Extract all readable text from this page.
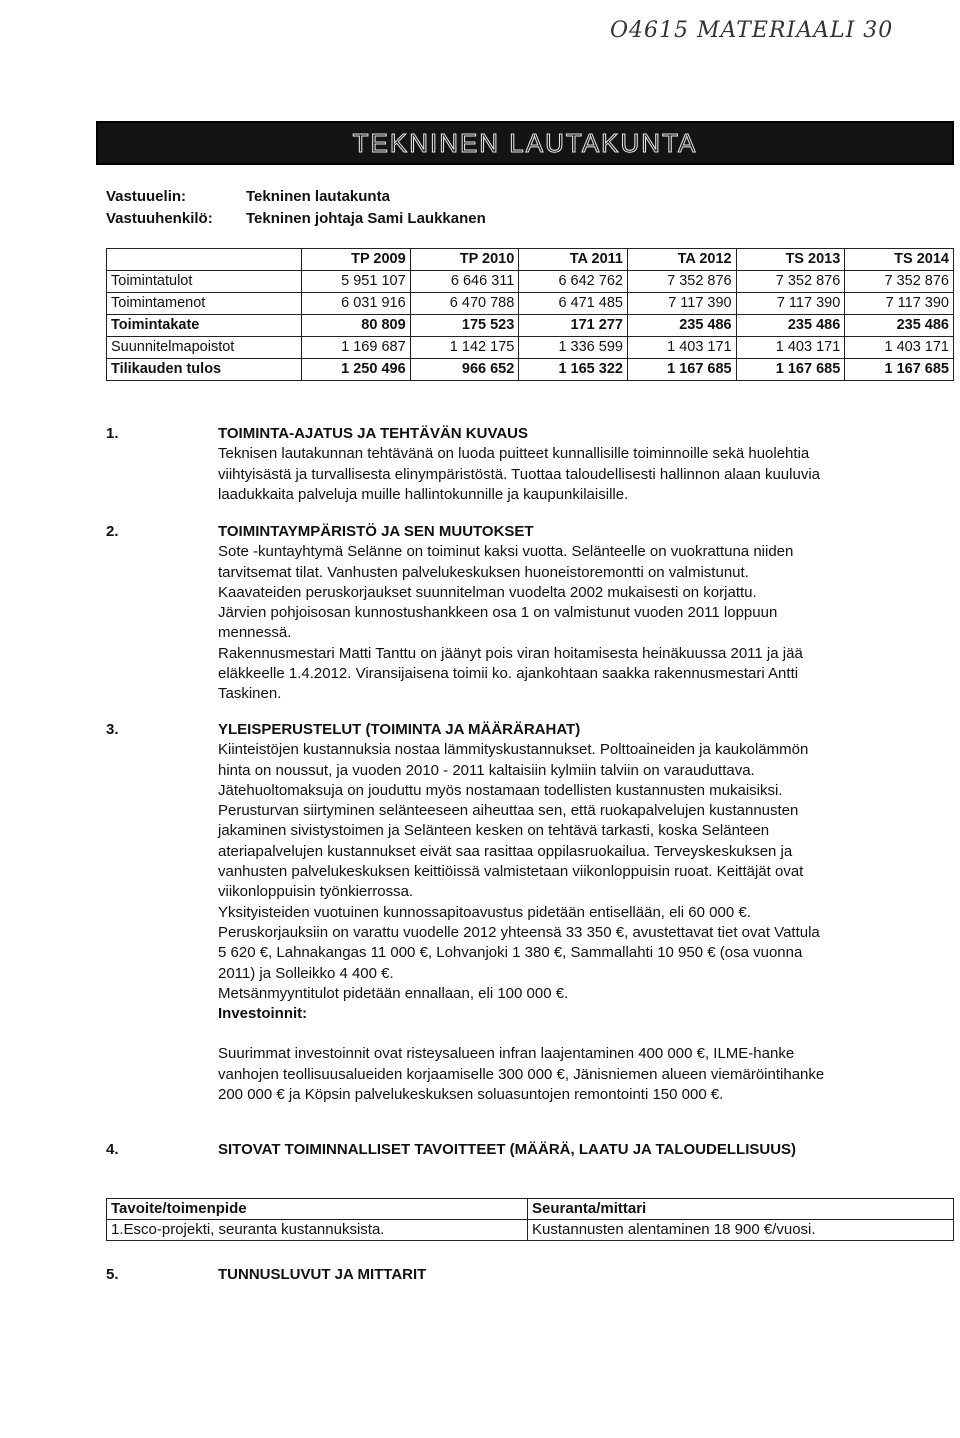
O4615 MATERIAALI 30
TEKNINEN LAUTAKUNTA
Vastuuelin:	Tekninen lautakunta
Vastuuhenkilö:	Tekninen johtaja Sami Laukkanen
	TP 2009	TP 2010	TA 2011	TA 2012	TS 2013	TS 2014
Toimintatulot	5 951 107	6 646 311	6 642 762	7 352 876	7 352 876	7 352 876
Toimintamenot	6 031 916	6 470 788	6 471 485	7 117 390	7 117 390	7 117 390
Toimintakate	80 809	175 523	171 277	235 486	235 486	235 486
Suunnitelmapoistot	1 169 687	1 142 175	1 336 599	1 403 171	1 403 171	1 403 171
Tilikauden tulos	1 250 496	966 652	1 165 322	1 167 685	1 167 685	1 167 685
1.	TOIMINTA-AJATUS JA TEHTÄVÄN KUVAUS

Teknisen lautakunnan tehtävänä on luoda puitteet kunnallisille toiminnoille sekä huolehtia

viihtyisästä ja turvallisesta elinympäristöstä. Tuottaa taloudellisesti hallinnon alaan kuuluvia

laadukkaita palveluja muille hallintokunnille ja kaupunkilaisille.

2.	TOIMINTAYMPÄRISTÖ JA SEN MUUTOKSET

Sote -kuntayhtymä Selänne on toiminut kaksi vuotta. Selänteelle on vuokrattuna niiden

tarvitsemat tilat. Vanhusten palvelukeskuksen huoneistoremontti on valmistunut.

Kaavateiden peruskorjaukset suunnitelman vuodelta 2002 mukaisesti on korjattu.

Järvien pohjoisosan kunnostushankkeen osa 1 on valmistunut vuoden 2011 loppuun

mennessä.

Rakennusmestari Matti Tanttu on jäänyt pois viran hoitamisesta heinäkuussa 2011 ja jää

eläkkeelle 1.4.2012. Viransijaisena toimii ko. ajankohtaan saakka rakennusmestari Antti

Taskinen.

3.	YLEISPERUSTELUT (TOIMINTA JA MÄÄRÄRAHAT)

Kiinteistöjen kustannuksia nostaa lämmityskustannukset. Polttoaineiden ja kaukolämmön

hinta on noussut, ja vuoden 2010 - 2011 kaltaisiin kylmiin talviin on varauduttava.

Jätehuoltomaksuja on jouduttu myös nostamaan todellisten kustannusten mukaisiksi.

Perusturvan siirtyminen selänteeseen aiheuttaa sen, että ruokapalvelujen kustannusten

jakaminen sivistystoimen ja Selänteen kesken on tehtävä tarkasti, koska Selänteen

ateriapalvelujen kustannukset eivät saa rasittaa oppilasruokailua. Terveyskeskuksen ja

vanhusten palvelukeskuksen keittiöissä valmistetaan viikonloppuisin ruoat. Keittäjät ovat

viikonloppuisin työnkierrossa.

Yksityisteiden vuotuinen kunnossapitoavustus pidetään entisellään, eli 60 000 €.

Peruskorjauksiin on varattu vuodelle 2012 yhteensä 33 350 €, avustettavat tiet ovat Vattula

5 620 €, Lahnakangas 11 000 €, Lohvanjoki 1 380 €, Sammallahti 10 950 € (osa vuonna

2011) ja Solleikko 4 400 €.

Metsänmyyntitulot pidetään ennallaan, eli 100 000 €.

Investoinnit:

Suurimmat investoinnit ovat risteysalueen infran laajentaminen 400 000 €, ILME-hanke

vanhojen teollisuusalueiden korjaamiselle 300 000 €, Jänisniemen alueen viemäröintihanke

200 000 € ja Köpsin palvelukeskuksen soluasuntojen remontointi 150 000 €.

4.	SITOVAT TOIMINNALLISET TAVOITTEET (MÄÄRÄ, LAATU JA TALOUDELLISUUS)
Tavoite/toimenpide	Seuranta/mittari
1.Esco-projekti, seuranta kustannuksista.	Kustannusten alentaminen 18 900 €/vuosi.
5.	TUNNUSLUVUT JA MITTARIT
